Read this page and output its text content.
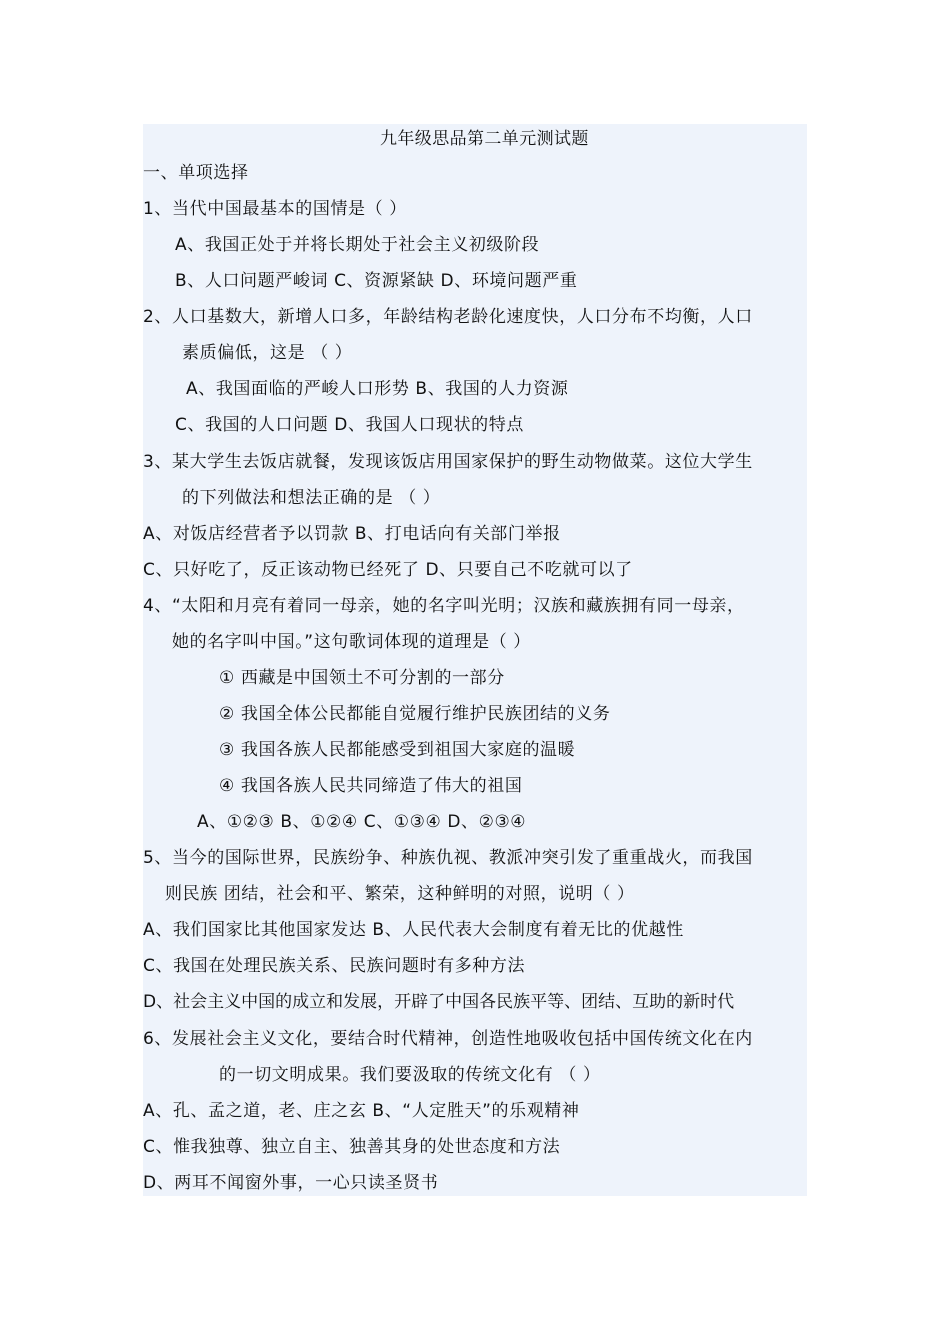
九年级思品第二单元测试题
一、单项选择
1、当代中国最基本的国情是（ ）
A、我国正处于并将长期处于社会主义初级阶段
B、人口问题严峻词 C、资源紧缺 D、环境问题严重
2、人口基数大，新增人口多，年龄结构老龄化速度快，人口分布不均衡，人口
素质偏低，这是 （ ）
A、我国面临的严峻人口形势 B、我国的人力资源
C、我国的人口问题 D、我国人口现状的特点
3、某大学生去饭店就餐，发现该饭店用国家保护的野生动物做菜。这位大学生
的下列做法和想法正确的是 （ ）
A、对饭店经营者予以罚款 B、打电话向有关部门举报
C、只好吃了，反正该动物已经死了 D、只要自己不吃就可以了
4、“太阳和月亮有着同一母亲，她的名字叫光明；汉族和藏族拥有同一母亲，
她的名字叫中国。”这句歌词体现的道理是（ ）
① 西藏是中国领土不可分割的一部分
② 我国全体公民都能自觉履行维护民族团结的义务
③ 我国各族人民都能感受到祖国大家庭的温暖
④ 我国各族人民共同缔造了伟大的祖国
A、①②③ B、①②④ C、①③④ D、②③④
5、当今的国际世界，民族纷争、种族仇视、教派冲突引发了重重战火，而我国
则民族 团结，社会和平、繁荣，这种鲜明的对照，说明（ ）
A、我们国家比其他国家发达 B、人民代表大会制度有着无比的优越性
C、我国在处理民族关系、民族问题时有多种方法
D、社会主义中国的成立和发展，开辟了中国各民族平等、团结、互助的新时代
6、发展社会主义文化，要结合时代精神，创造性地吸收包括中国传统文化在内
的一切文明成果。我们要汲取的传统文化有 （ ）
A、孔、孟之道，老、庄之玄 B、“人定胜天”的乐观精神
C、惟我独尊、独立自主、独善其身的处世态度和方法
D、两耳不闻窗外事，一心只读圣贤书
